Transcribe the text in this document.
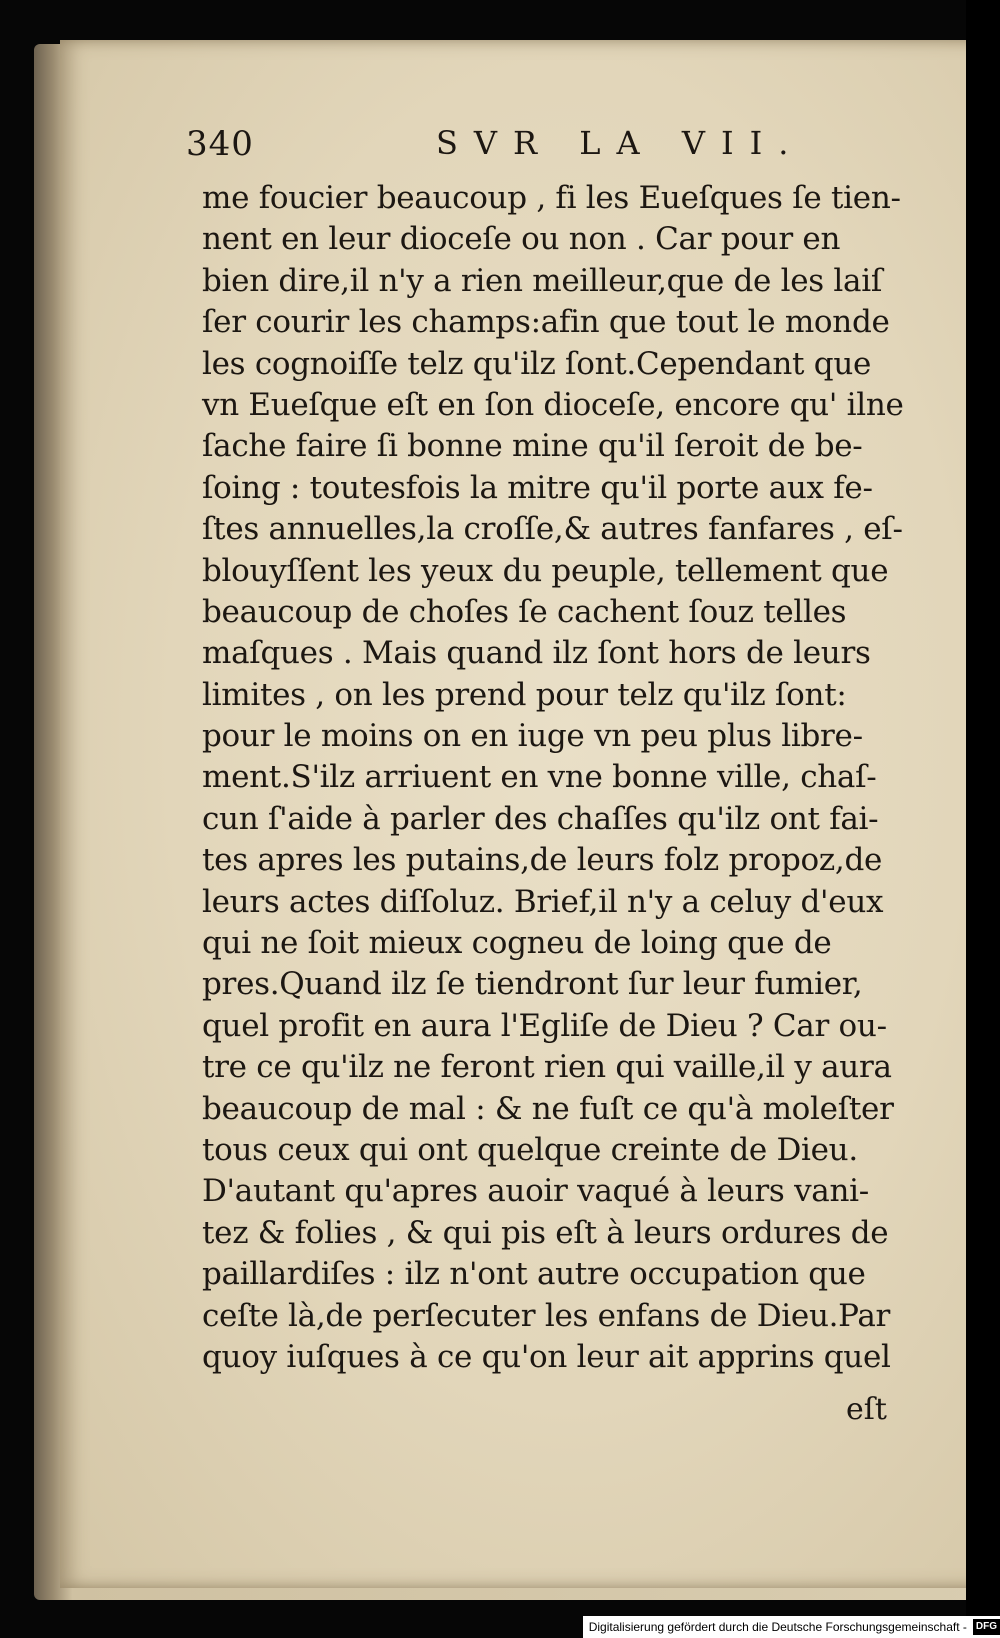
340	SVR LA VII.
me foucier beaucoup , fi les Eueſques ſe tien-
nent en leur dioceſe ou non . Car pour en
bien dire,il n'y a rien meilleur,que de les laiſ
ſer courir les champs:afin que tout le monde
les cognoiſſe telz qu'ilz ſont.Cependant que
vn Eueſque eſt en ſon dioceſe, encore qu' ilne
ſache faire ſi bonne mine qu'il ſeroit de be-
ſoing : toutesfois la mitre qu'il porte aux fe-
ſtes annuelles,la croſſe,& autres fanfares , eſ-
blouyſſent les yeux du peuple, tellement que
beaucoup de choſes ſe cachent ſouz telles
maſques . Mais quand ilz ſont hors de leurs
limites , on les prend pour telz qu'ilz ſont:
pour le moins on en iuge vn peu plus libre-
ment.S'ilz arriuent en vne bonne ville, chaſ-
cun ſ'aide à parler des chaſſes qu'ilz ont fai-
tes apres les putains,de leurs folz propoz,de
leurs actes diſſoluz. Brief,il n'y a celuy d'eux
qui ne ſoit mieux cogneu de loing que de
pres.Quand ilz ſe tiendront ſur leur fumier,
quel profit en aura l'Egliſe de Dieu ? Car ou-
tre ce qu'ilz ne feront rien qui vaille,il y aura
beaucoup de mal : & ne fuſt ce qu'à moleſter
tous ceux qui ont quelque creinte de Dieu.
D'autant qu'apres auoir vaqué à leurs vani-
tez & folies , & qui pis eſt à leurs ordures de
paillardiſes : ilz n'ont autre occupation que
ceſte là,de perſecuter les enfans de Dieu.Par
quoy iuſques à ce qu'on leur ait apprins quel
eſt
Digitalisierung gefördert durch die Deutsche Forschungsgemeinschaft - DFG
